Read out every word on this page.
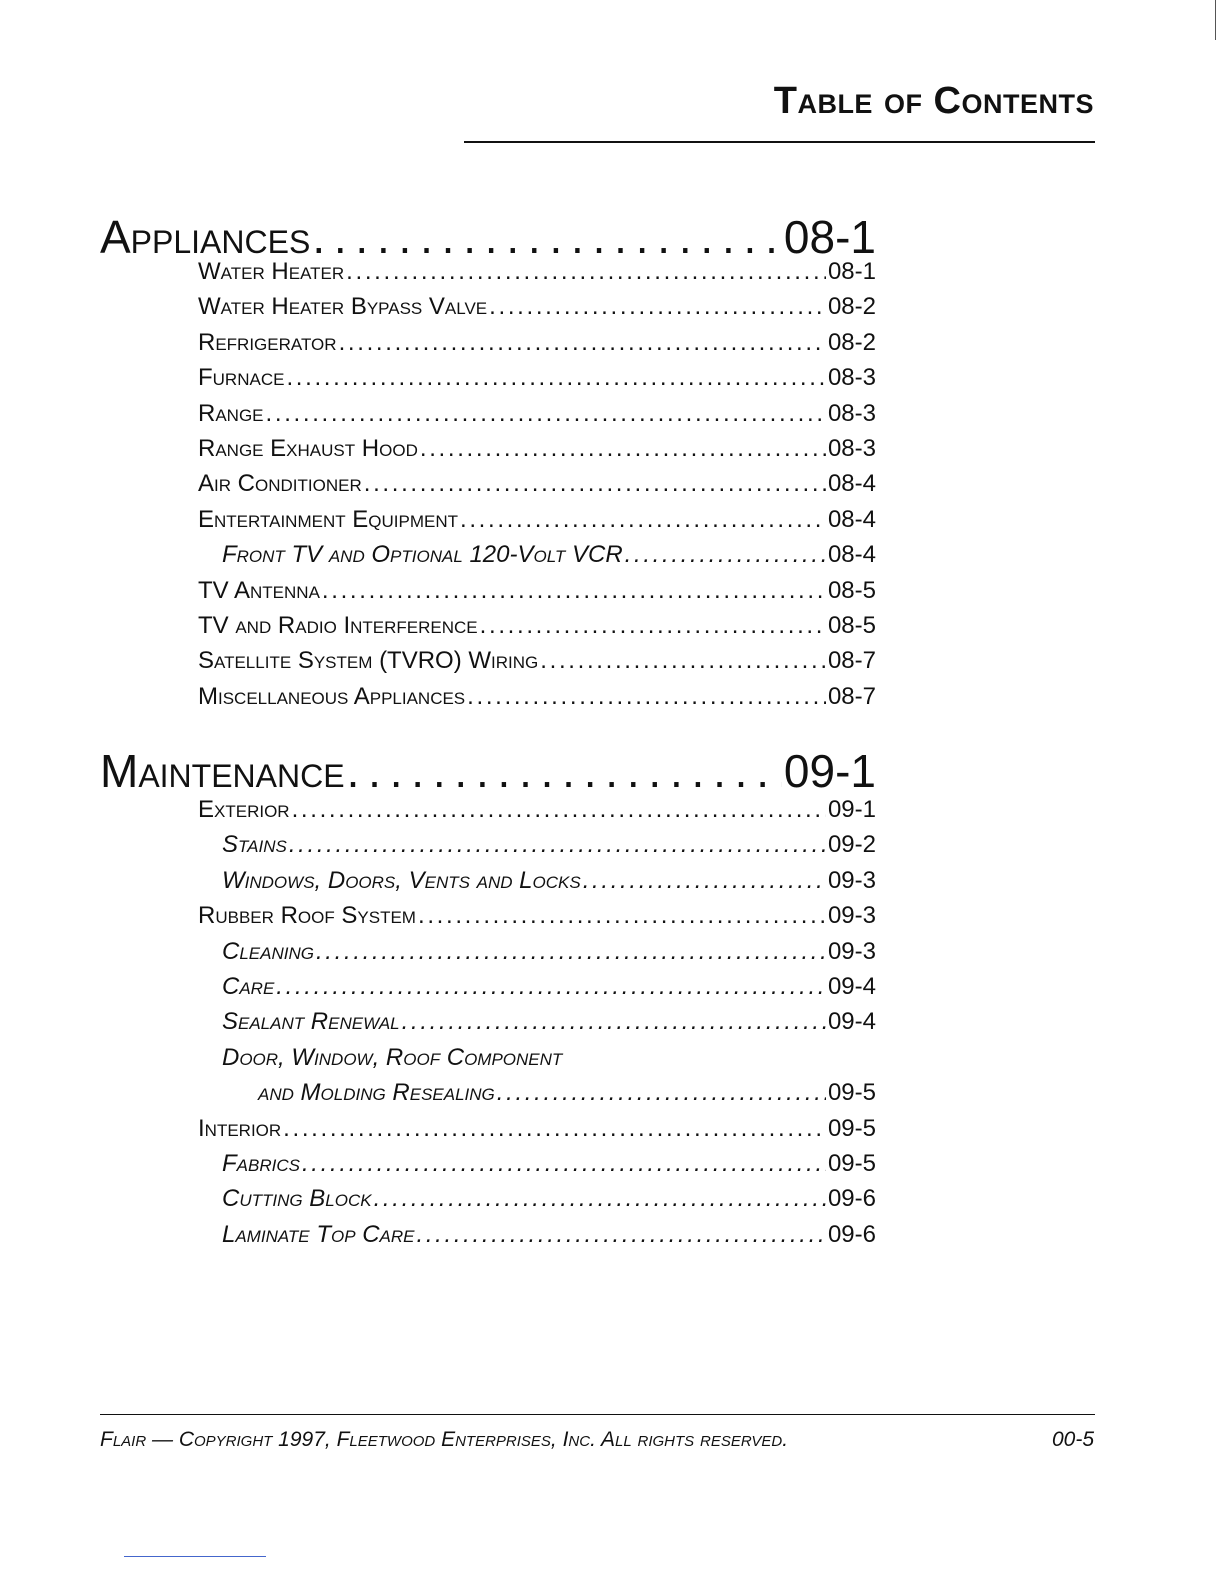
Table of Contents
Appliances . . .	08-1
Water Heater . . .	08-1
Water Heater Bypass Valve . . .	08-2
Refrigerator . . .	08-2
Furnace . . .	08-3
Range . . .	08-3
Range Exhaust Hood . . .	08-3
Air Conditioner . . .	08-4
Entertainment Equipment . . .	08-4
Front TV and Optional 120-Volt VCR . . .	08-4
TV Antenna . . .	08-5
TV and Radio Interference . . .	08-5
Satellite System (TVRO) Wiring . . .	08-7
Miscellaneous Appliances . . .	08-7
Maintenance . . .	09-1
Exterior . . .	09-1
Stains . . .	09-2
Windows, Doors, Vents and Locks . . .	09-3
Rubber Roof System . . .	09-3
Cleaning . . .	09-3
Care . . .	09-4
Sealant Renewal . . .	09-4
Door, Window, Roof Component
and Molding Resealing . . .	09-5
Interior . . .	09-5
Fabrics . . .	09-5
Cutting Block . . .	09-6
Laminate Top Care . . .	09-6
Flair — Copyright 1997, Fleetwood Enterprises, Inc. All rights reserved.	00-5
